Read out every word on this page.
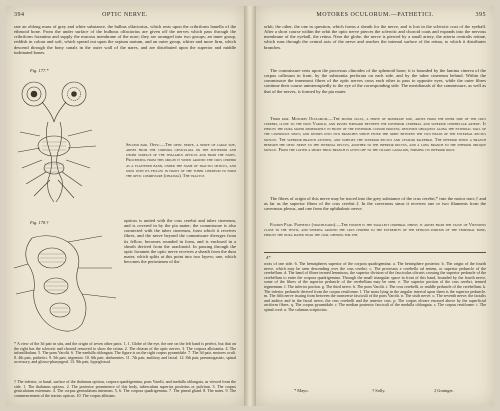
394	OPTIC NERVE.
rate an oblong mass of grey and white substance, the bulbus olfactorius, which rests upon the cribriform lamella of the ethmoid bone. From the under surface of the bulbous olfactorius are given off the nerves which pass through the cribriform foramina and supply the mucous membrane of the nose; they are arranged into two groups; an inner group, reddish in colour and soft, which spread out upon the septum narium, and an outer group, whiter and more firm, which descend through the bony canals in the outer wall of the nares, and are distributed upon the superior and middle turbinated bones.
Fig. 177.*
Second pair. Optic.—The optic nerve, a nerve of large size, arises from the corpora geniculata on the posterior and under surface of the thalamus opticus and from the nates. Proceeding from this origin it winds around the crus cerebri as a flattened band, under the name of tractus opticus, and joins with its fellow in front of the tuber cinereum to form the optic commissure (chiasma). The tractus
Fig. 178.†	opticus is united with the crus cerebri and tuber cinereum, and is covered in by the pia mater; the commissure is also connected with the tuber cinereum, from which it receives fibres, and the nerve beyond the commissure diverges from its fellow, becomes rounded in form, and is enclosed in a sheath derived from the arachnoid. In passing through the optic foramen the optic nerve receives a sheath from the dura mater, which splits at this point into two layers; one, which becomes the periosteum of the
* A view of the 3d pair in situ, and the origin of seven other pairs. 1, 1. Globe of the eye, the one on the left hand is perfect, but that on the right has the sclerotic and choroid removed to show the retina. 2. The chiasm of the optic nerves. 3. The corpora albicantia. 4. The infundibulum. 5. The pons Varolii. 6. The medulla oblongata. The figure is on the right corpus pyramidale. 7. The 3d pair, motores oculi. 8. 4th pair, pathetici. 9. 5th pair, trigemini. 10. 6th pair, abducentes. 11. 7th pair, auditory and facial. 12. 8th pair, pneumogastric, spinal accessory, and glosso-pharyngeal. 13. 9th pair, hypoglossal.
† The inferior, or basal, surface of the thalamus opticus, corpora quadrigemina, pons Varolii, and medulla oblongata, as viewed from the side. 1. The thalamus opticus. 2. The posterior prominence of this body, tuberculum superius posterius or pulvinar. 3. The corpus geniculatum externum. 4. The corpus geniculatum internum. 5, 6. The corpora quadrigemina. 7. The pineal gland. 8. The nates. 9. The commencement of the tractus opticus. 10. The corpus albicans.
MOTORES OCULORUM.—PATHETICI.	395
orbit; the other, the one in question, which forms a sheath for the nerve, and is lost in the sclerotic coat of the eyeball. After a short course within the orbit the optic nerve pierces the sclerotic and choroid coats and expands into the nervous membrane of the eyeball, the retina. Near the globe, the nerve is pierced by a small artery, the arteria centralis retinæ, which runs through the central axis of the nerve and reaches the internal surface of the retina, to which it distributes branches.
The commissure rests upon the processus clinoides of the sphenoid bone; it is bounded by the lamina cinerea of the corpus callosum in front, by the substantia perforata on each side, and by the tuber cinereum behind. Within the commissure the innermost fibres of the optic nerves cross each other to pass to opposite eyes, while the outer fibres continue their course uninterruptedly to the eye of the corresponding side. The meridionals of the commissure, as well as that of the nerves, is formed by the pia mater.
Third pair. Motores Oculorum.—The motor oculi, a nerve of moderate size, arises from the inner side of the crus cerebri, close to the pons Varolii, and passes forward between the posterior cerebral and superior cerebellar artery. It pierces the dura mater immediately in front of the posterior clinoid process; descends obliquely along the external wall of the cavernous sinus; and divides into two branches which enter the orbit between the two heads of the external rectus muscle. The superior branch ascends, and supplies the superior rectus and levator palpebræ. The inferior sends a branch beneath the optic nerve to the internal rectus, another to the inferior rectus, and a long branch to the inferior oblique muscle. From the latter a short thick branch is given off to the ciliary ganglion, forming its inferior root.
The fibres of origin of this nerve may be traced into the grey substance of the crus cerebri,* into the motor tract,† and as far as the superior fibres of the crus cerebri.‡ In the cavernous sinus it receives one or two filaments from the cavernous plexus, and one from the ophthalmic nerve.
Fourth Pair. Pathetici (trochlearis).—The fourth is the smallest cerebral nerve; it arises from the valve of Vieussens close to the testis, and winding around the crus cerebri to the extremity of the petrous portion of the temporal bone, pierces the dura mater near the oval opening for the
4*
roots of one side. 6. The hemispheres superior of the corpora quadrigemina. a. The hemisphere posterior. b. The origin of the fourth nerve, which may be seen descending over the crus cerebri. c. The processus e cerebello ad testem, or superior peduncle of the cerebellum. d. The band of fibres termed lemniscus, the superior division of the fasciculus olivaris crossing the superior peduncle of the cerebellum to enter the corpora quadrigemina. Through the small triangular space in front of this band, bounded by the fourth nerve, some of the fibres of the superior peduncle of the cerebellum may be seen. e. The superior portion of the crus cerebri, termed tegmentum. f. The inferior portion. g. The third nerve. h. The pons Varolii. i. The crus cerebelli, or middle peduncle of the cerebellum. k. The inferior peduncle derived from the corpus restiforme. l. The mass lying in the angular interval upon them is the superior peduncle. m. The fifth nerve issuing from between the transverse fasciculi of the pons Varolii. n. The sixth nerve. o. The seventh nerve; the facialis and auditor and in the facial nerve, the crus cerebelli and the anterior crus. p. The corpus olivare encased above by the superficial arciform fibres. q. The corpus pyramidale. r. The median posterior fasciculi of the medulla oblongata. s. The corpus restiforme. t. The spinal cord. u. The calamus scriptorius.
* Mayo.	† Solly.	‡ Grainger.
